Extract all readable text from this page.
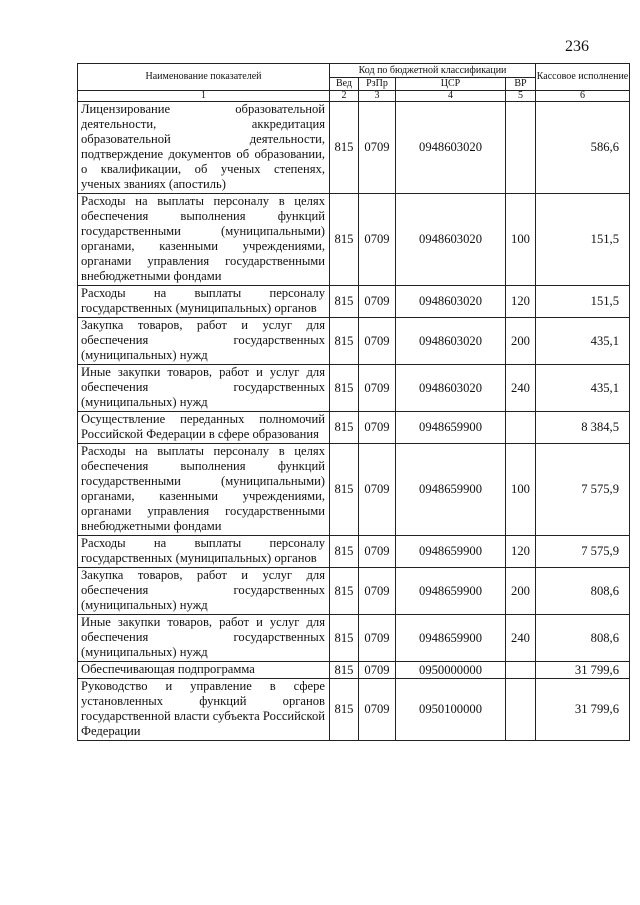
236
Наименование показателей	Код по бюджетной классификации				Кассовое исполнение
	Вед	РзПр	ЦСР	ВР	
1	2	3	4	5	6
Лицензирование образовательной деятельности, аккредитация образовательной деятельности, подтверждение документов об образовании, о квалификации, об ученых степенях, ученых званиях (апостиль)	815	0709	0948603020		586,6
Расходы на выплаты персоналу в целях обеспечения выполнения функций государственными (муниципальными) органами, казенными учреждениями, органами управления государственными внебюджетными фондами	815	0709	0948603020	100	151,5
Расходы на выплаты персоналу государственных (муниципальных) органов	815	0709	0948603020	120	151,5
Закупка товаров, работ и услуг для обеспечения государственных (муниципальных) нужд	815	0709	0948603020	200	435,1
Иные закупки товаров, работ и услуг для обеспечения государственных (муниципальных) нужд	815	0709	0948603020	240	435,1
Осуществление переданных полномочий Российской Федерации в сфере образования	815	0709	0948659900		8 384,5
Расходы на выплаты персоналу в целях обеспечения выполнения функций государственными (муниципальными) органами, казенными учреждениями, органами управления государственными внебюджетными фондами	815	0709	0948659900	100	7 575,9
Расходы на выплаты персоналу государственных (муниципальных) органов	815	0709	0948659900	120	7 575,9
Закупка товаров, работ и услуг для обеспечения государственных (муниципальных) нужд	815	0709	0948659900	200	808,6
Иные закупки товаров, работ и услуг для обеспечения государственных (муниципальных) нужд	815	0709	0948659900	240	808,6
Обеспечивающая подпрограмма	815	0709	0950000000		31 799,6
Руководство и управление в сфере установленных функций органов государственной власти субъекта Российской Федерации	815	0709	0950100000		31 799,6
